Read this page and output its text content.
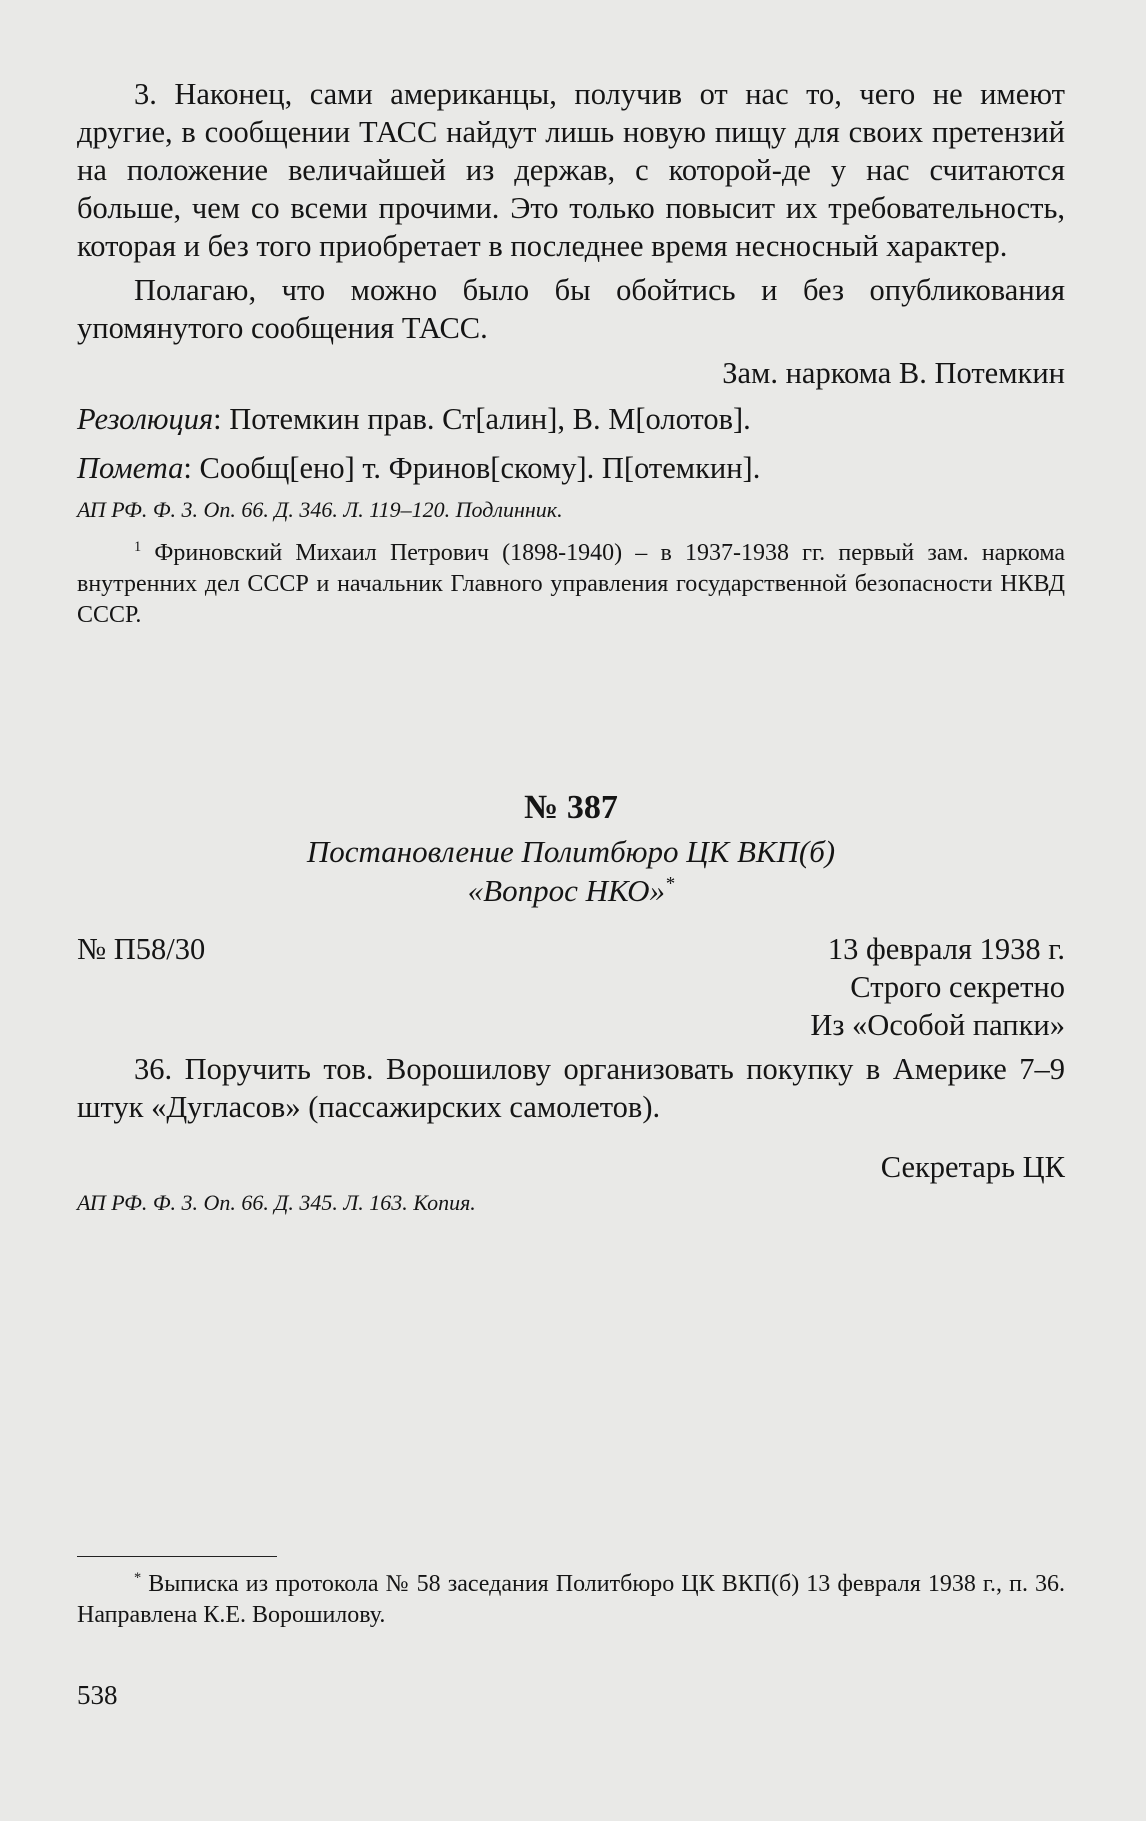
3. Наконец, сами американцы, получив от нас то, чего не имеют другие, в сообщении ТАСС найдут лишь новую пищу для своих претензий на положение величайшей из держав, с которой-де у нас считаются больше, чем со всеми прочими. Это только повысит их требовательность, которая и без того приобретает в последнее время несносный характер.

Полагаю, что можно было бы обойтись и без опубликования упомянутого сообщения ТАСС.

Зам. наркома В. Потемкин

Резолюция: Потемкин прав. Ст[алин], В. М[олотов].

Помета: Сообщ[ено] т. Фринов[скому]. П[отемкин].

АП РФ. Ф. 3. Оп. 66. Д. 346. Л. 119–120. Подлинник.

$^1$ Фриновский Михаил Петрович (1898-1940) – в 1937-1938 гг. первый зам. наркома внутренних дел СССР и начальник Главного управления государственной безопасности НКВД СССР.

№ 387

Постановление Политбюро ЦК ВКП(б)

«Вопрос НКО»*

№ П58/30	13 февраля 1938 г.

Строго секретно

Из «Особой папки»

36. Поручить тов. Ворошилову организовать покупку в Америке 7–9 штук «Дугласов» (пассажирских самолетов).

Секретарь ЦК

АП РФ. Ф. 3. Оп. 66. Д. 345. Л. 163. Копия.

* Выписка из протокола № 58 заседания Политбюро ЦК ВКП(б) 13 февраля 1938 г., п. 36. Направлена К.Е. Ворошилову.

538
